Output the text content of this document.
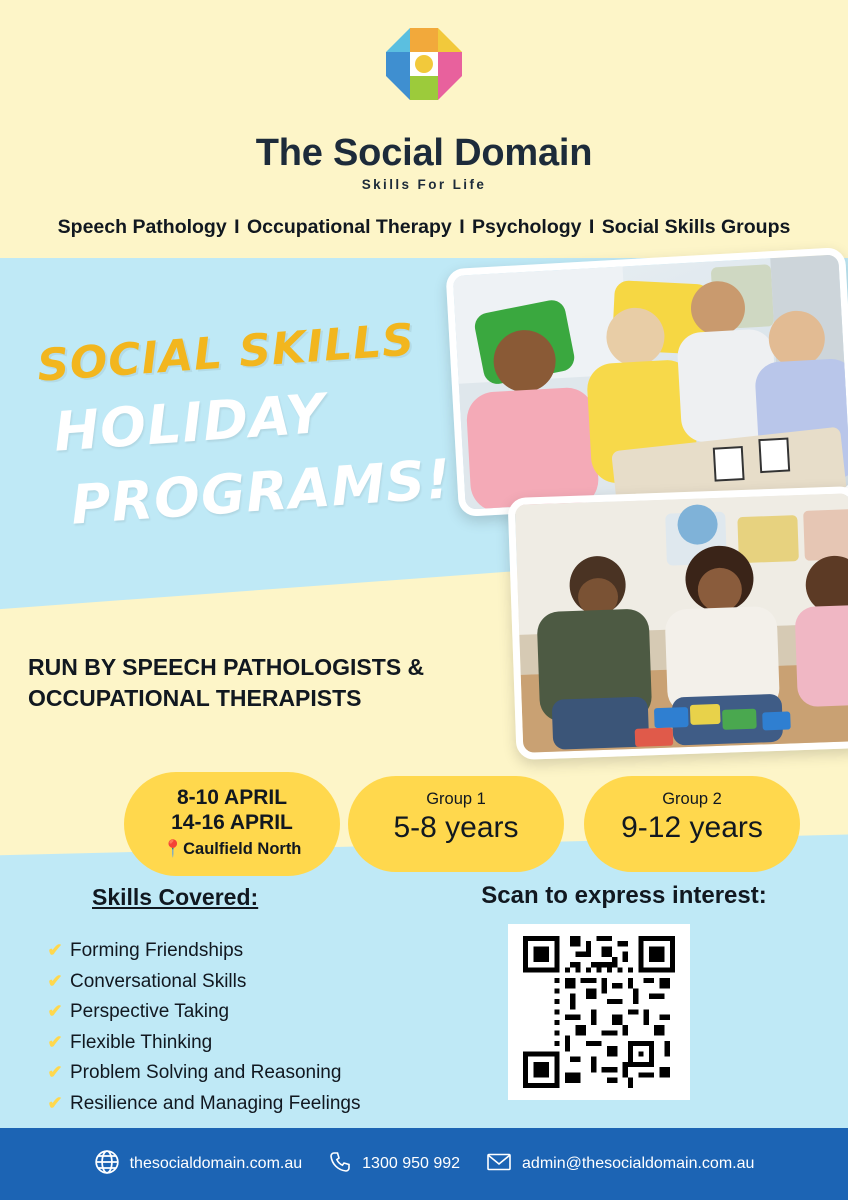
The Social Domain
Skills For Life
Speech Pathology I Occupational Therapy I Psychology I Social Skills Groups
SOCIAL SKILLS
HOLIDAY
PROGRAMS!
RUN BY SPEECH PATHOLOGISTS & OCCUPATIONAL THERAPISTS
8-10 APRIL
14-16 APRIL
📍Caulfield North
Group 1
5-8 years
Group 2
9-12 years
Skills Covered:
✔ Forming Friendships
✔ Conversational Skills
✔ Perspective Taking
✔ Flexible Thinking
✔ Problem Solving and Reasoning
✔ Resilience and Managing Feelings
Scan to express interest:
thesocialdomain.com.au	1300 950 992	admin@thesocialdomain.com.au
